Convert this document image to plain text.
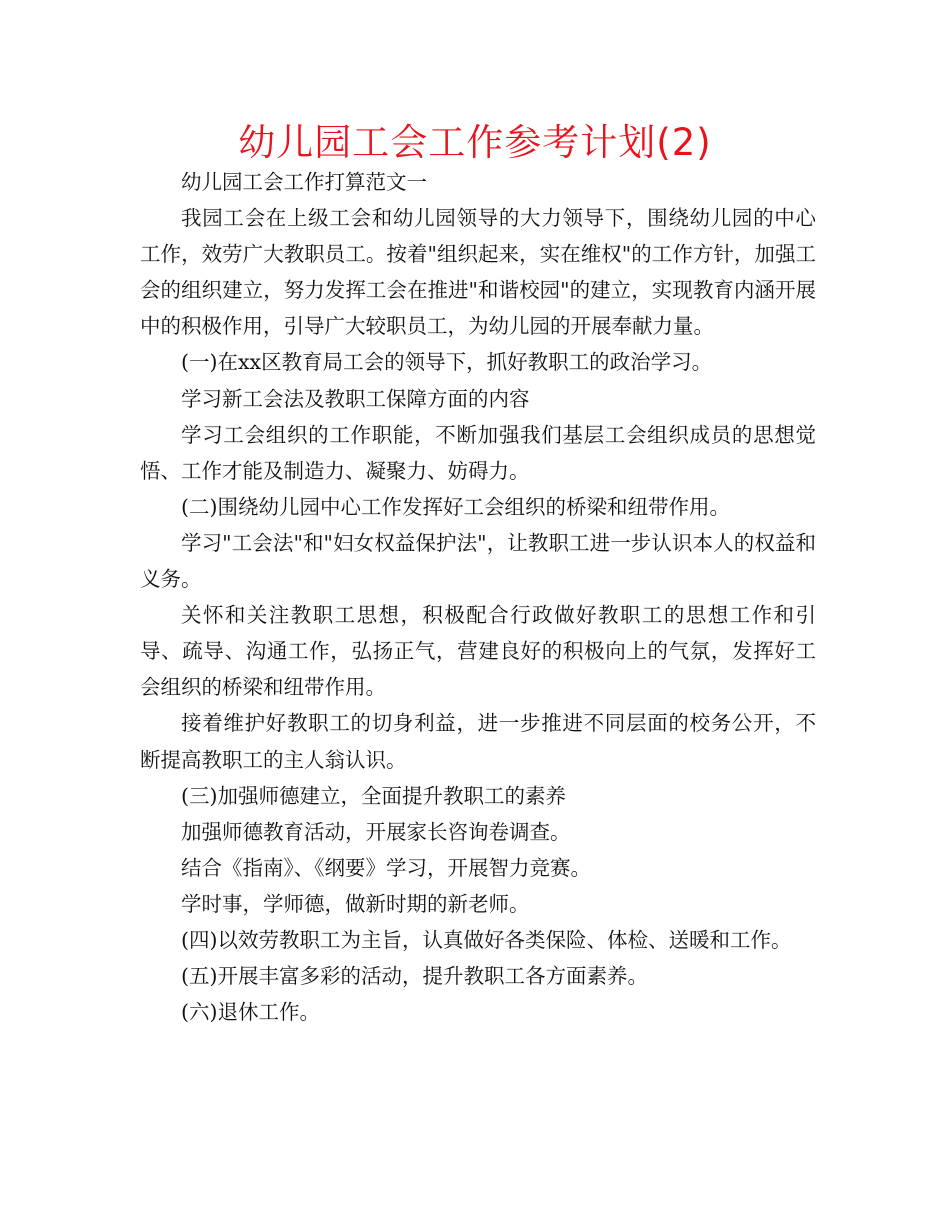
幼儿园工会工作参考计划(2)

幼儿园工会工作打算范文一

我园工会在上级工会和幼儿园领导的大力领导下，围绕幼儿园的中心工作，效劳广大教职员工。按着"组织起来，实在维权"的工作方针，加强工会的组织建立，努力发挥工会在推进"和谐校园"的建立，实现教育内涵开展中的积极作用，引导广大较职员工，为幼儿园的开展奉献力量。

(一)在xx区教育局工会的领导下，抓好教职工的政治学习。

学习新工会法及教职工保障方面的内容

学习工会组织的工作职能，不断加强我们基层工会组织成员的思想觉悟、工作才能及制造力、凝聚力、妨碍力。

(二)围绕幼儿园中心工作发挥好工会组织的桥梁和纽带作用。

学习"工会法"和"妇女权益保护法"，让教职工进一步认识本人的权益和义务。

关怀和关注教职工思想，积极配合行政做好教职工的思想工作和引导、疏导、沟通工作，弘扬正气，营建良好的积极向上的气氛，发挥好工会组织的桥梁和纽带作用。

接着维护好教职工的切身利益，进一步推进不同层面的校务公开，不断提高教职工的主人翁认识。

(三)加强师德建立，全面提升教职工的素养

加强师德教育活动，开展家长咨询卷调查。

结合《指南》、《纲要》学习，开展智力竞赛。

学时事，学师德，做新时期的新老师。

(四)以效劳教职工为主旨，认真做好各类保险、体检、送暖和工作。

(五)开展丰富多彩的活动，提升教职工各方面素养。

(六)退休工作。
